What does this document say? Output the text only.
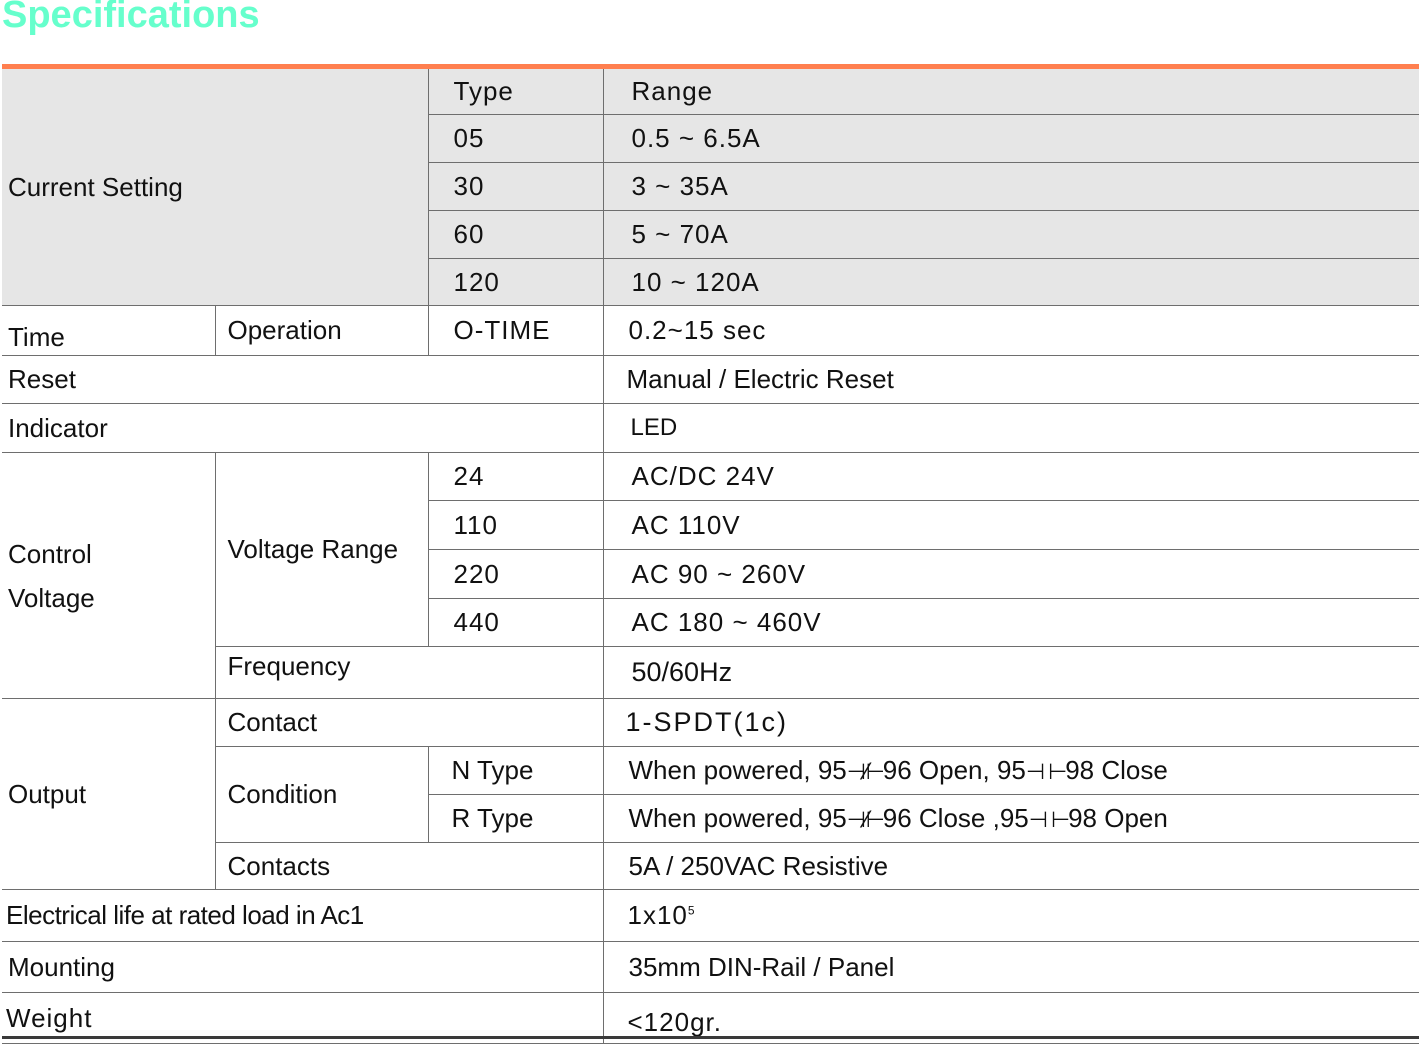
Specifications
Current Setting		Type	Range
		05	0.5 ~ 6.5A
		30	3 ~ 35A
		60	5 ~ 70A
		120	10 ~ 120A
Time	Operation	O-TIME	0.2~15 sec
Reset			Manual / Electric Reset
Indicator			LED

Control
Voltage	Voltage Range	24	AC/DC 24V
		110	AC 110V
		220	AC 90 ~ 260V
		440	AC 180 ~ 460V
	Frequency		50/60Hz
Output	Contact		1-SPDT(1c)
	Condition	N Type	When powered, 95⊣⁄⊢96 Open, 95⊣ ⊢98 Close
		R Type	When powered, 95⊣⁄⊢96 Close ,95⊣ ⊢98 Open
	Contacts		5A / 250VAC Resistive
Electrical life at rated load in Ac1			$1x10^5$
Mounting			35mm DIN-Rail / Panel
Weight			<120gr.
